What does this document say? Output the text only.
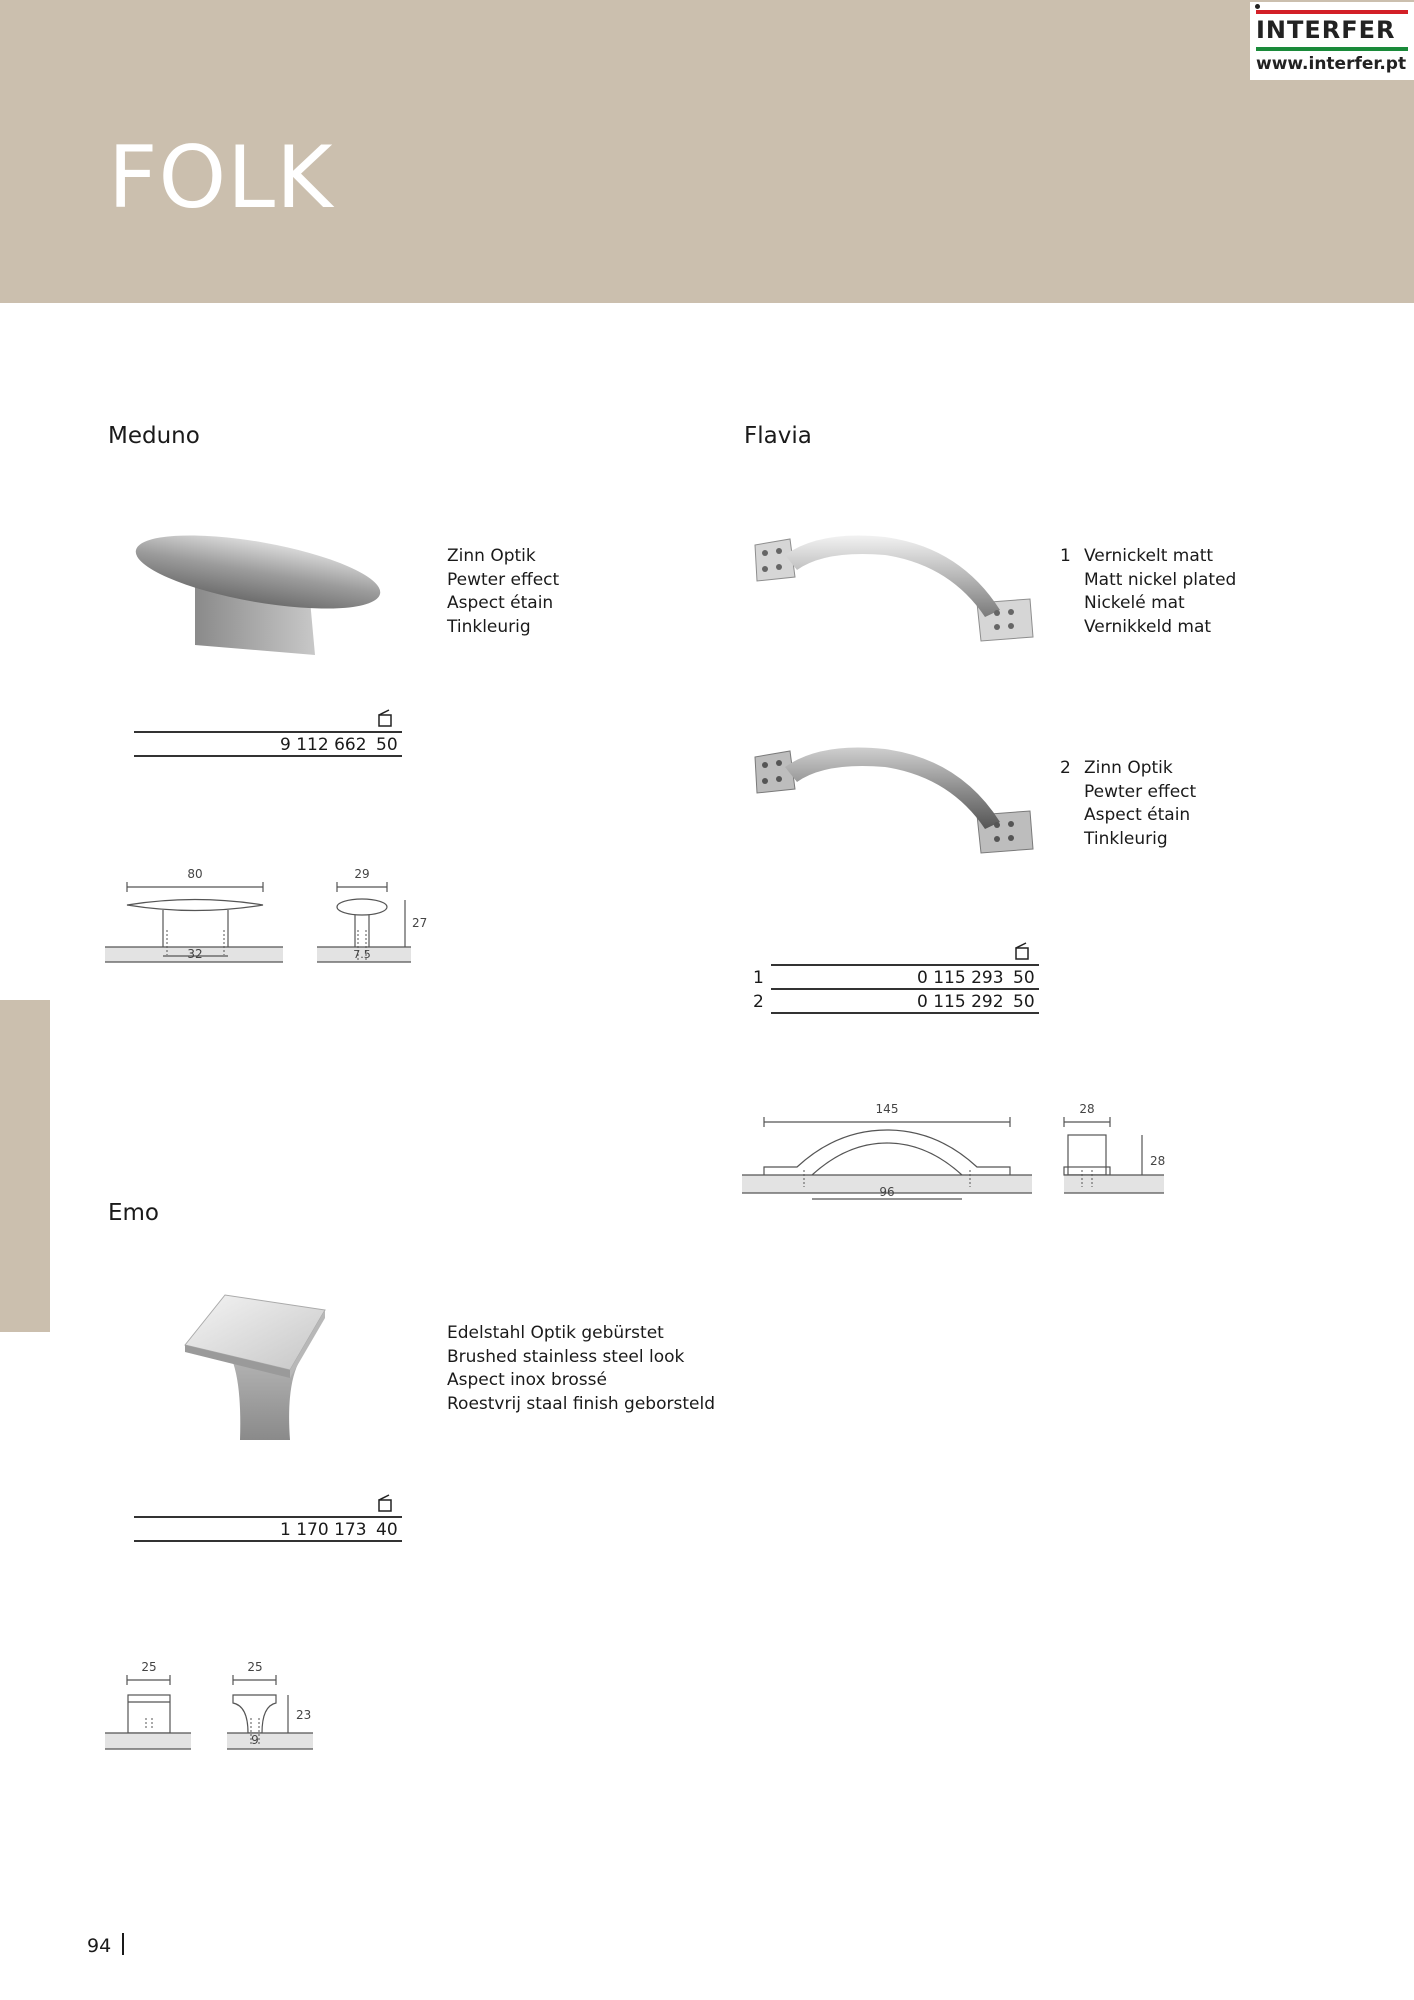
FOLK
INTERFER
www.interfer.pt
Meduno
Zinn Optik
Pewter effect
Aspect étain
Tinkleurig
9 112 662 50
80	29
27
32	7.5
Flavia
1 Vernickelt matt
Matt nickel plated
Nickelé mat
Vernikkeld mat
2 Zinn Optik
Pewter effect
Aspect étain
Tinkleurig
1	0 115 293 50
2	0 115 292 50
145
96
28
28
Emo
Edelstahl Optik gebürstet
Brushed stainless steel look
Aspect inox brossé
Roestvrij staal finish geborsteld
1 170 173 40
25	25
23
9
94
